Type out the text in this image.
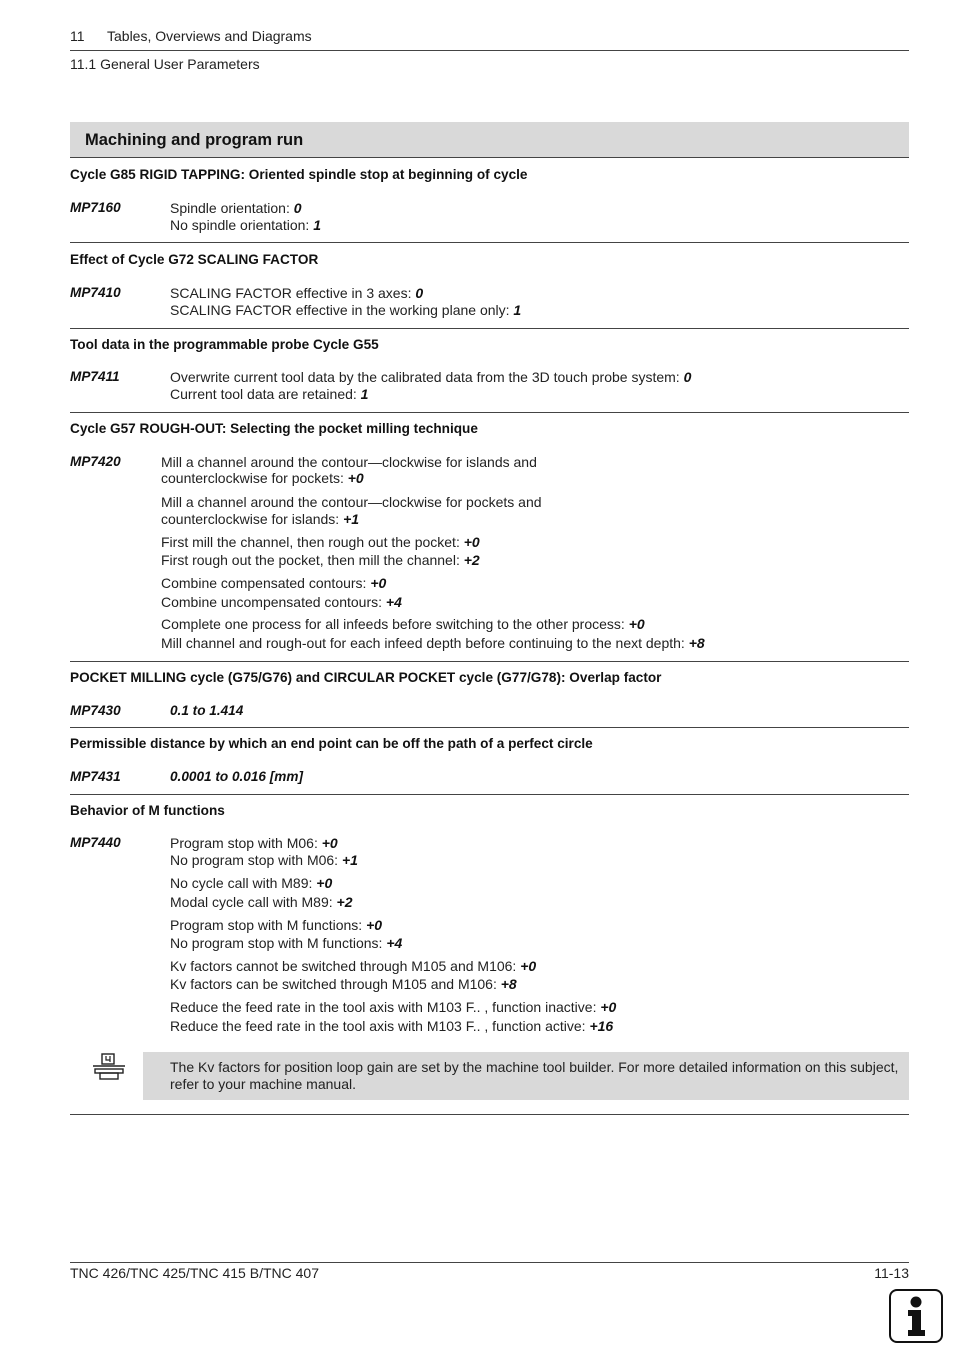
11 Tables, Overviews and Diagrams
11.1 General User Parameters
Machining and program run
Cycle G85 RIGID TAPPING: Oriented spindle stop at beginning of cycle
MP7160	Spindle orientation: 0
No spindle orientation: 1
Effect of Cycle G72 SCALING FACTOR
MP7410	SCALING FACTOR effective in 3 axes: 0
SCALING FACTOR effective in the working plane only: 1
Tool data in the programmable probe Cycle G55
MP7411	Overwrite current tool data by the calibrated data from the 3D touch probe system: 0
Current tool data are retained: 1
Cycle G57 ROUGH-OUT: Selecting the pocket milling technique
MP7420	Mill a channel around the contour—clockwise for islands and
counterclockwise for pockets: +0
Mill a channel around the contour—clockwise for pockets and
counterclockwise for islands: +1
First mill the channel, then rough out the pocket: +0
First rough out the pocket, then mill the channel: +2
Combine compensated contours: +0
Combine uncompensated contours: +4
Complete one process for all infeeds before switching to the other process: +0
Mill channel and rough-out for each infeed depth before continuing to the next depth: +8
POCKET MILLING cycle (G75/G76) and CIRCULAR POCKET cycle (G77/G78): Overlap factor
MP7430	0.1 to 1.414
Permissible distance by which an end point can be off the path of a perfect circle
MP7431	0.0001 to 0.016 [mm]
Behavior of M functions
MP7440	Program stop with M06: +0
No program stop with M06: +1
No cycle call with M89: +0
Modal cycle call with M89: +2
Program stop with M functions: +0
No program stop with M functions: +4
Kv factors cannot be switched through M105 and M106: +0
Kv factors can be switched through M105 and M106: +8
Reduce the feed rate in the tool axis with M103 F.. , function inactive: +0
Reduce the feed rate in the tool axis with M103 F.. , function active: +16
The Kv factors for position loop gain are set by the machine tool builder. For more detailed information on this subject, refer to your machine manual.
TNC 426/TNC 425/TNC 415 B/TNC 407	11-13
